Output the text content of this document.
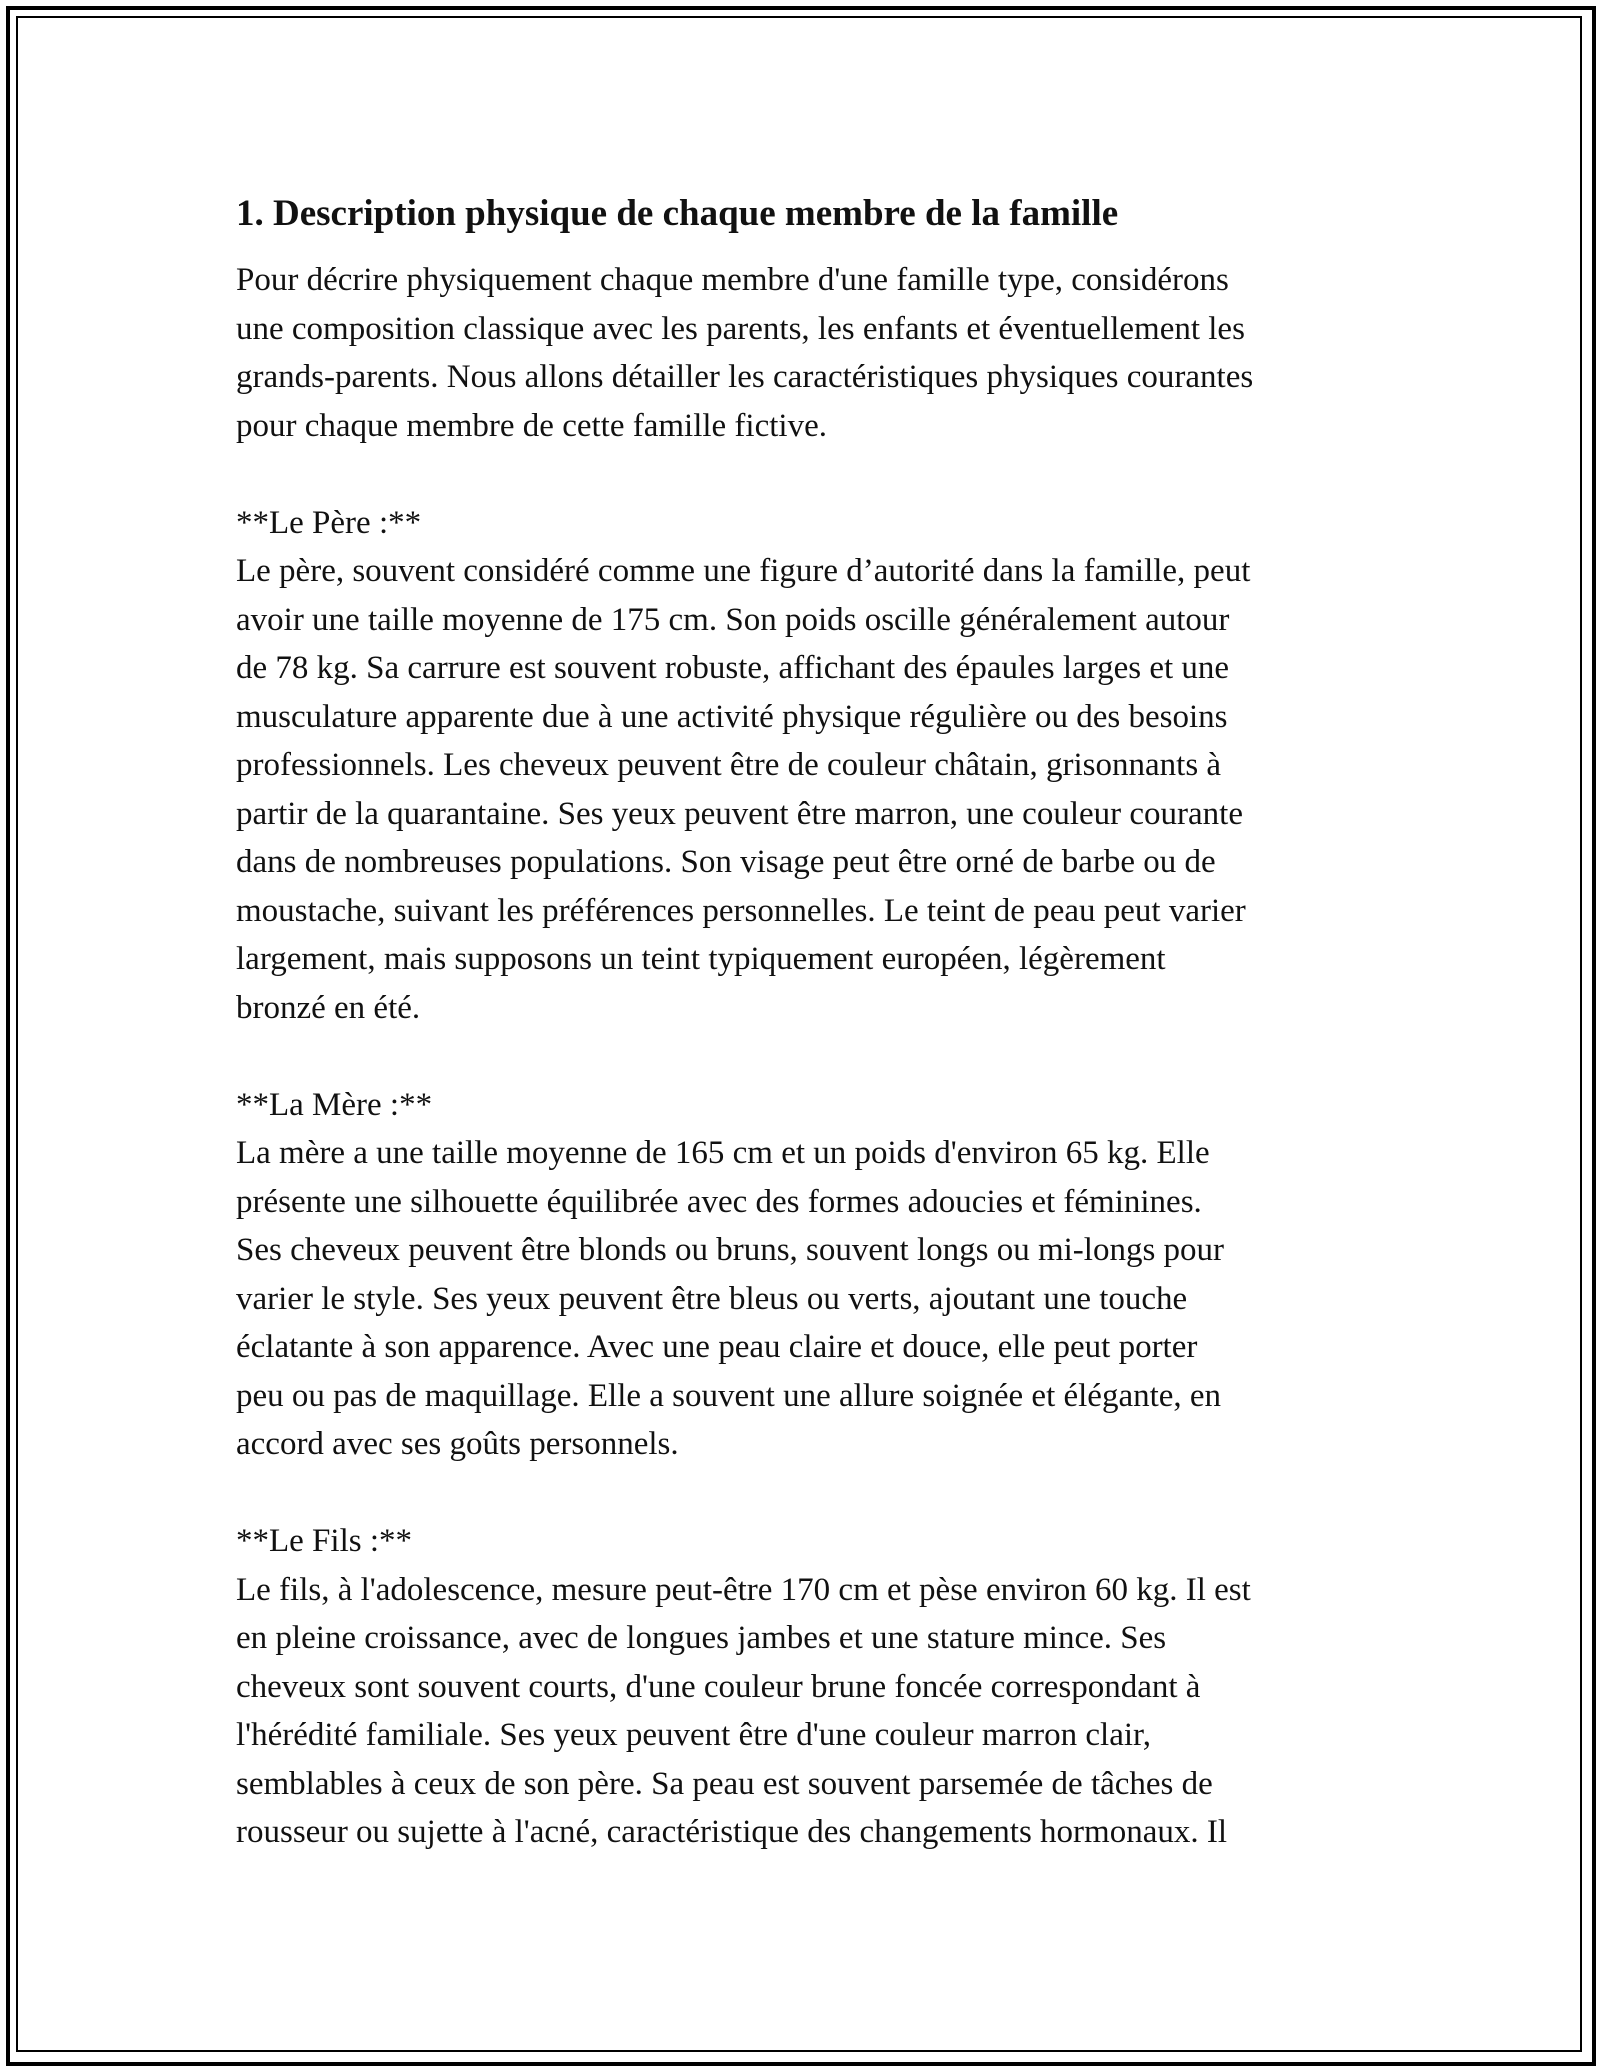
1. Description physique de chaque membre de la famille

Pour décrire physiquement chaque membre d'une famille type, considérons
une composition classique avec les parents, les enfants et éventuellement les
grands-parents. Nous allons détailler les caractéristiques physiques courantes
pour chaque membre de cette famille fictive.

**Le Père :**

Le père, souvent considéré comme une figure d’autorité dans la famille, peut
avoir une taille moyenne de 175 cm. Son poids oscille généralement autour
de 78 kg. Sa carrure est souvent robuste, affichant des épaules larges et une
musculature apparente due à une activité physique régulière ou des besoins
professionnels. Les cheveux peuvent être de couleur châtain, grisonnants à
partir de la quarantaine. Ses yeux peuvent être marron, une couleur courante
dans de nombreuses populations. Son visage peut être orné de barbe ou de
moustache, suivant les préférences personnelles. Le teint de peau peut varier
largement, mais supposons un teint typiquement européen, légèrement
bronzé en été.

**La Mère :**

La mère a une taille moyenne de 165 cm et un poids d'environ 65 kg. Elle
présente une silhouette équilibrée avec des formes adoucies et féminines.
Ses cheveux peuvent être blonds ou bruns, souvent longs ou mi-longs pour
varier le style. Ses yeux peuvent être bleus ou verts, ajoutant une touche
éclatante à son apparence. Avec une peau claire et douce, elle peut porter
peu ou pas de maquillage. Elle a souvent une allure soignée et élégante, en
accord avec ses goûts personnels.

**Le Fils :**

Le fils, à l'adolescence, mesure peut-être 170 cm et pèse environ 60 kg. Il est
en pleine croissance, avec de longues jambes et une stature mince. Ses
cheveux sont souvent courts, d'une couleur brune foncée correspondant à
l'hérédité familiale. Ses yeux peuvent être d'une couleur marron clair,
semblables à ceux de son père. Sa peau est souvent parsemée de tâches de
rousseur ou sujette à l'acné, caractéristique des changements hormonaux. Il
